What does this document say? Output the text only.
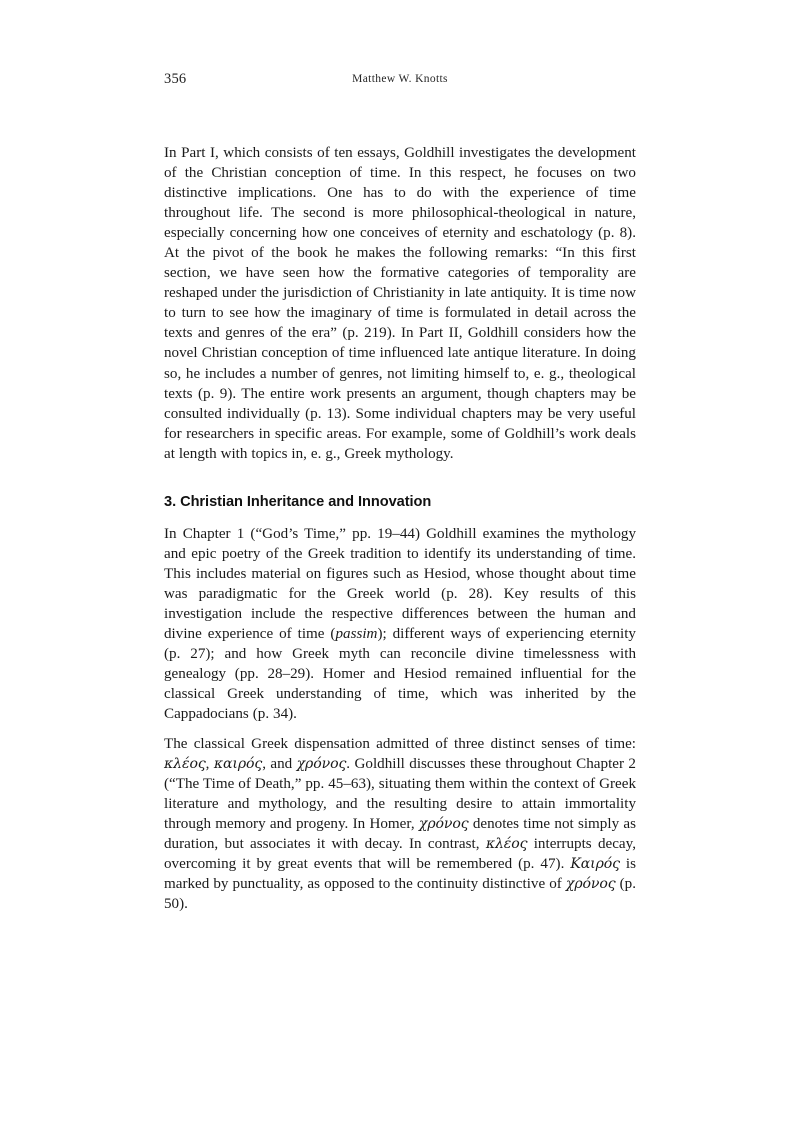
356	Matthew W. Knotts

In Part I, which consists of ten essays, Goldhill investigates the development of the Christian conception of time. In this respect, he focuses on two distinctive implications. One has to do with the experience of time throughout life. The second is more philosophical-theological in nature, especially concerning how one conceives of eternity and eschatology (p. 8). At the pivot of the book he makes the following remarks: “In this first section, we have seen how the formative categories of temporality are reshaped under the jurisdiction of Christianity in late antiquity. It is time now to turn to see how the imaginary of time is formulated in detail across the texts and genres of the era” (p. 219). In Part II, Goldhill considers how the novel Christian conception of time influenced late antique literature. In doing so, he includes a number of genres, not limiting himself to, e. g., theological texts (p. 9). The entire work presents an argument, though chapters may be consulted individually (p. 13). Some individual chapters may be very useful for researchers in specific areas. For example, some of Goldhill’s work deals at length with topics in, e. g., Greek mythology.

3. Christian Inheritance and Innovation

In Chapter 1 (“God’s Time,” pp. 19–44) Goldhill examines the mythology and epic poetry of the Greek tradition to identify its understanding of time. This includes material on figures such as Hesiod, whose thought about time was paradigmatic for the Greek world (p. 28). Key results of this investigation include the respective differences between the human and divine experience of time (passim); different ways of experiencing eternity (p. 27); and how Greek myth can reconcile divine timelessness with genealogy (pp. 28–29). Homer and Hesiod remained influential for the classical Greek understanding of time, which was inherited by the Cappadocians (p. 34).

The classical Greek dispensation admitted of three distinct senses of time: κλέος, καιρός, and χρόνος. Goldhill discusses these throughout Chapter 2 (“The Time of Death,” pp. 45–63), situating them within the context of Greek literature and mythology, and the resulting desire to attain immortality through memory and progeny. In Homer, χρόνος denotes time not simply as duration, but associates it with decay. In contrast, κλέος interrupts decay, overcoming it by great events that will be remembered (p. 47). Καιρός is marked by punctuality, as opposed to the continuity distinctive of χρόνος (p. 50).
